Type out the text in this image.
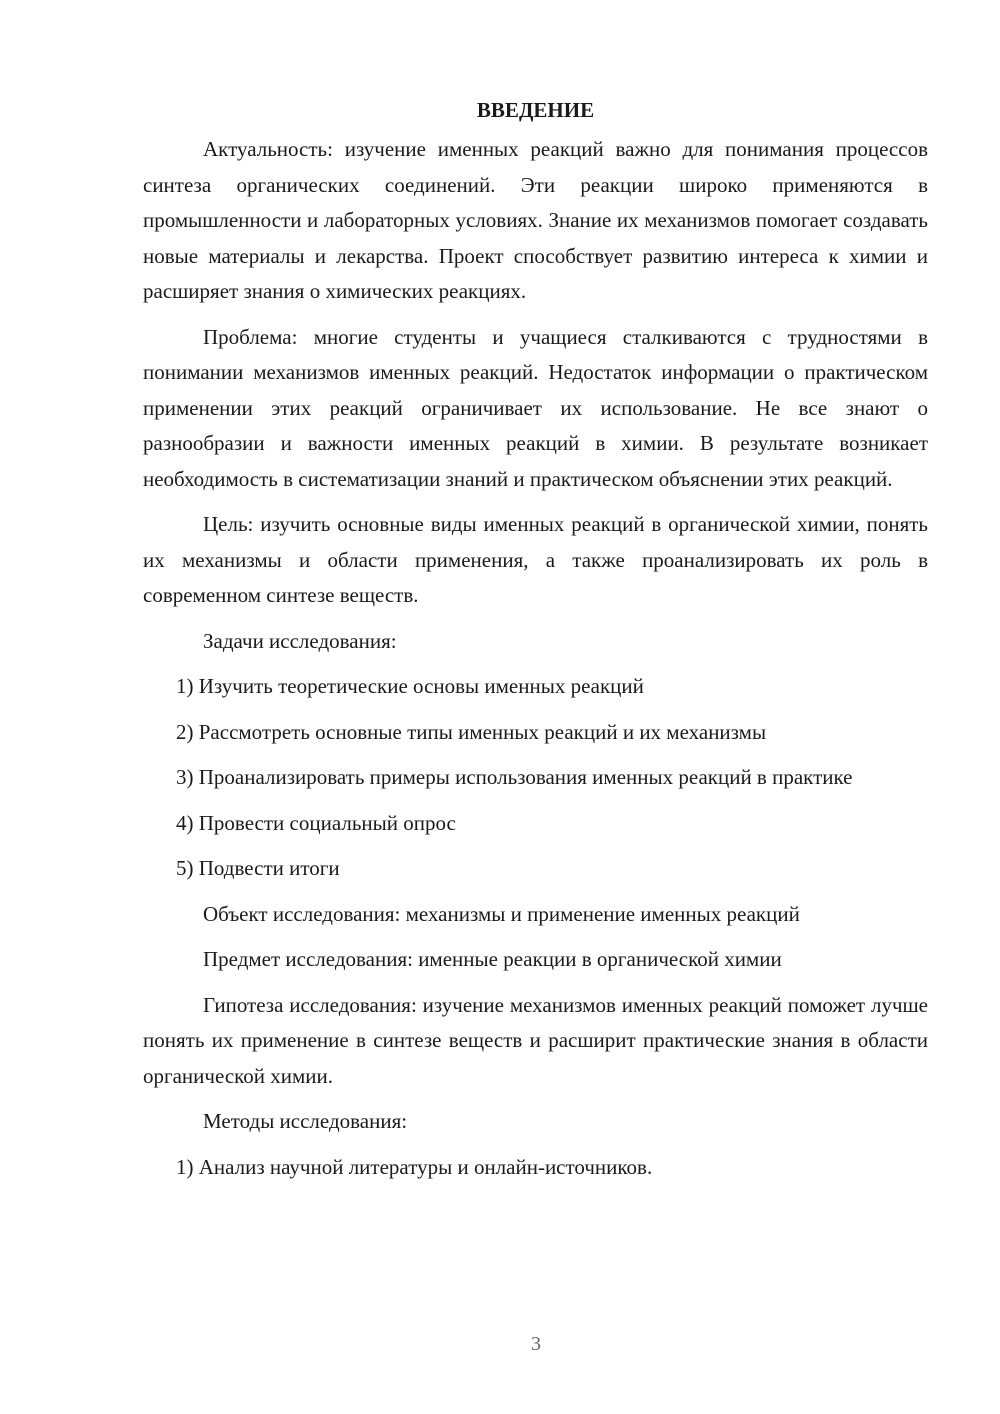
ВВЕДЕНИЕ

Актуальность: изучение именных реакций важно для понимания процессов синтеза органических соединений. Эти реакции широко применяются в промышленности и лабораторных условиях. Знание их механизмов помогает создавать новые материалы и лекарства. Проект способствует развитию интереса к химии и расширяет знания о химических реакциях.

Проблема: многие студенты и учащиеся сталкиваются с трудностями в понимании механизмов именных реакций. Недостаток информации о практическом применении этих реакций ограничивает их использование. Не все знают о разнообразии и важности именных реакций в химии. В результате возникает необходимость в систематизации знаний и практическом объяснении этих реакций.

Цель: изучить основные виды именных реакций в органической химии, понять их механизмы и области применения, а также проанализировать их роль в современном синтезе веществ.

Задачи исследования:

1) Изучить теоретические основы именных реакций

2) Рассмотреть основные типы именных реакций и их механизмы

3) Проанализировать примеры использования именных реакций в практике

4) Провести социальный опрос

5) Подвести итоги

Объект исследования: механизмы и применение именных реакций

Предмет исследования: именные реакции в органической химии

Гипотеза исследования: изучение механизмов именных реакций поможет лучше понять их применение в синтезе веществ и расширит практические знания в области органической химии.

Методы исследования:

1) Анализ научной литературы и онлайн-источников.

3
